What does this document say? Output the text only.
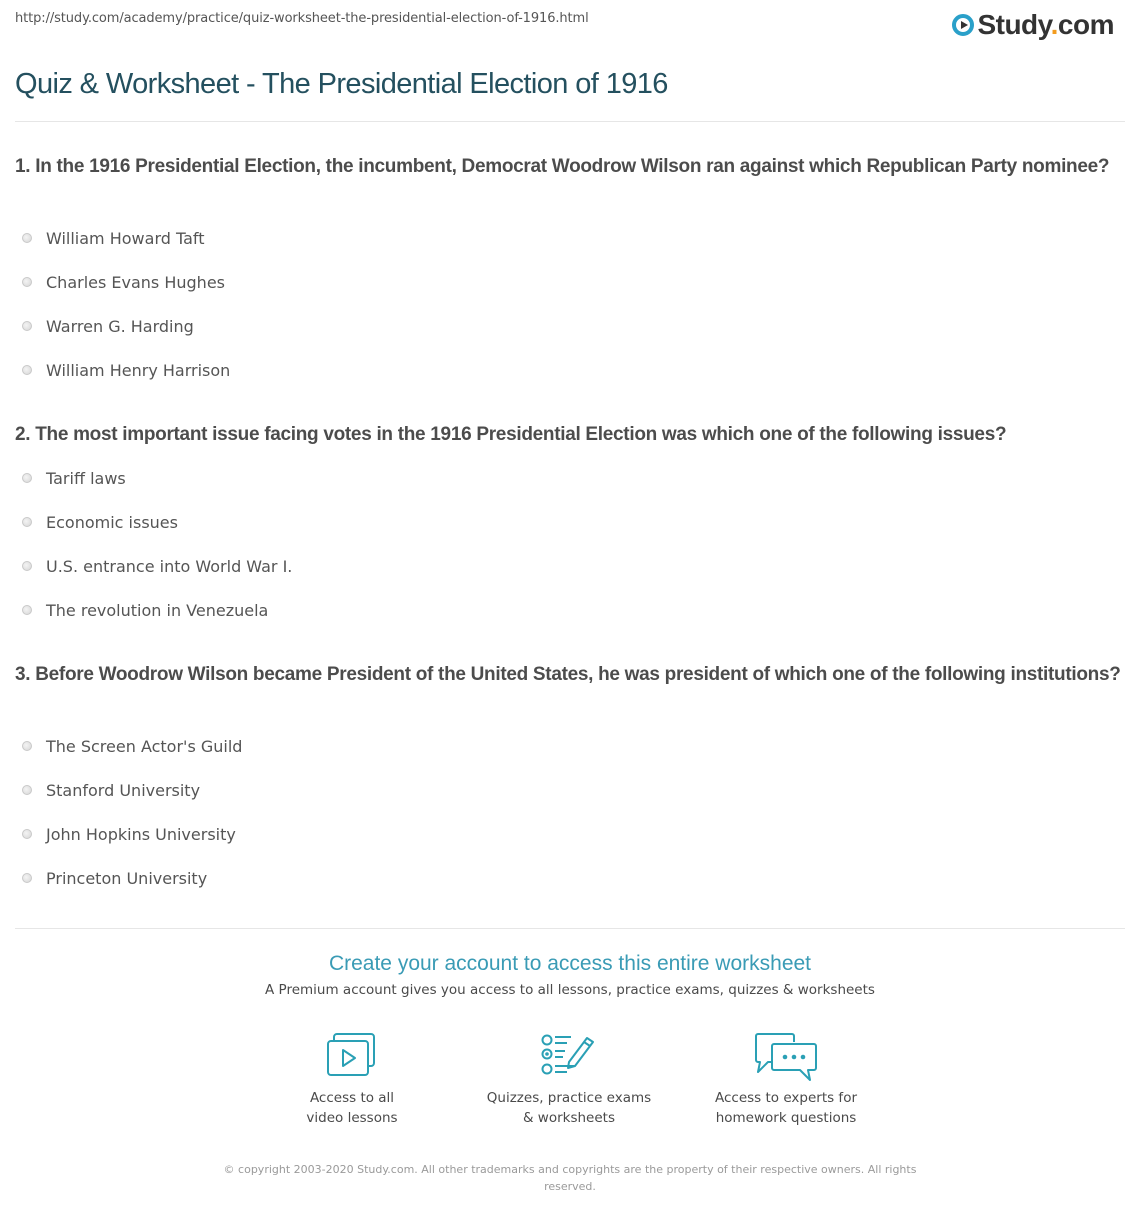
http://study.com/academy/practice/quiz-worksheet-the-presidential-election-of-1916.html	Study.com
Quiz & Worksheet - The Presidential Election of 1916

1. In the 1916 Presidential Election, the incumbent, Democrat Woodrow Wilson ran against which Republican Party nominee?

William Howard Taft
Charles Evans Hughes
Warren G. Harding
William Henry Harrison

2. The most important issue facing votes in the 1916 Presidential Election was which one of the following issues?

Tariff laws
Economic issues
U.S. entrance into World War I.
The revolution in Venezuela

3. Before Woodrow Wilson became President of the United States, he was president of which one of the following institutions?

The Screen Actor's Guild
Stanford University
John Hopkins University
Princeton University
Create your account to access this entire worksheet
A Premium account gives you access to all lessons, practice exams, quizzes & worksheets
Access to all
video lessons
Quizzes, practice exams
& worksheets
Access to experts for
homework questions
© copyright 2003-2020 Study.com. All other trademarks and copyrights are the property of their respective owners. All rights reserved.
